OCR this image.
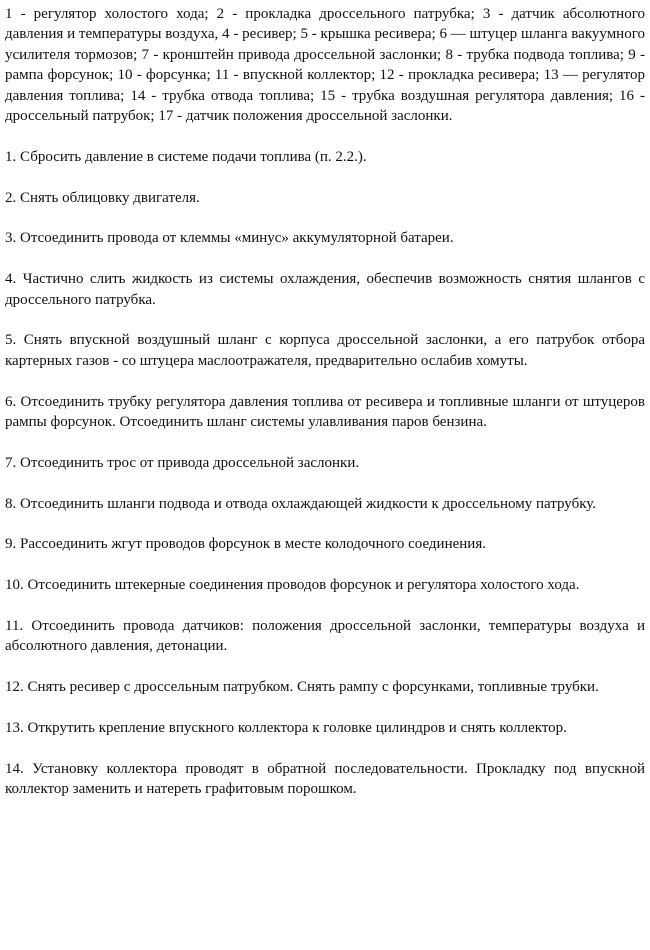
1 - регулятор холостого хода; 2 - прокладка дроссельного патрубка; 3 - датчик абсолютного давления и температуры воздуха, 4 - ресивер; 5 - крышка ресивера; 6 — штуцер шланга вакуумного усилителя тормозов; 7 - кронштейн привода дроссельной заслонки; 8 - трубка подвода топлива; 9 - рампа форсунок; 10 - форсунка; 11 - впускной коллектор; 12 - прокладка ресивера; 13 — регулятор давления топлива; 14 - трубка отвода топлива; 15 - трубка воздушная регулятора давления; 16 - дроссельный патрубок; 17 - датчик положения дроссельной заслонки.

1. Сбросить давление в системе подачи топлива (п. 2.2.).

2. Снять облицовку двигателя.

3. Отсоединить провода от клеммы «минус» аккумуляторной батареи.

4. Частично слить жидкость из системы охлаждения, обеспечив возможность снятия шлангов с дроссельного патрубка.

5. Снять впускной воздушный шланг с корпуса дроссельной заслонки, а его патрубок отбора картерных газов - со штуцера маслоотражателя, предварительно ослабив хомуты.

6. Отсоединить трубку регулятора давления топлива от ресивера и топливные шланги от штуцеров рампы форсунок. Отсоединить шланг системы улавливания паров бензина.

7. Отсоединить трос от привода дроссельной заслонки.

8. Отсоединить шланги подвода и отвода охлаждающей жидкости к дроссельному патрубку.

9. Рассоединить жгут проводов форсунок в месте колодочного соединения.

10. Отсоединить штекерные соединения проводов форсунок и регулятора холостого хода.

11. Отсоединить провода датчиков: положения дроссельной заслонки, температуры воздуха и абсолютного давления, детонации.

12. Снять ресивер с дроссельным патрубком. Снять рампу с форсунками, топливные трубки.

13. Открутить крепление впускного коллектора к головке цилиндров и снять коллектор.

14. Установку коллектора проводят в обратной последовательности. Прокладку под впускной коллектор заменить и натереть графитовым порошком.
